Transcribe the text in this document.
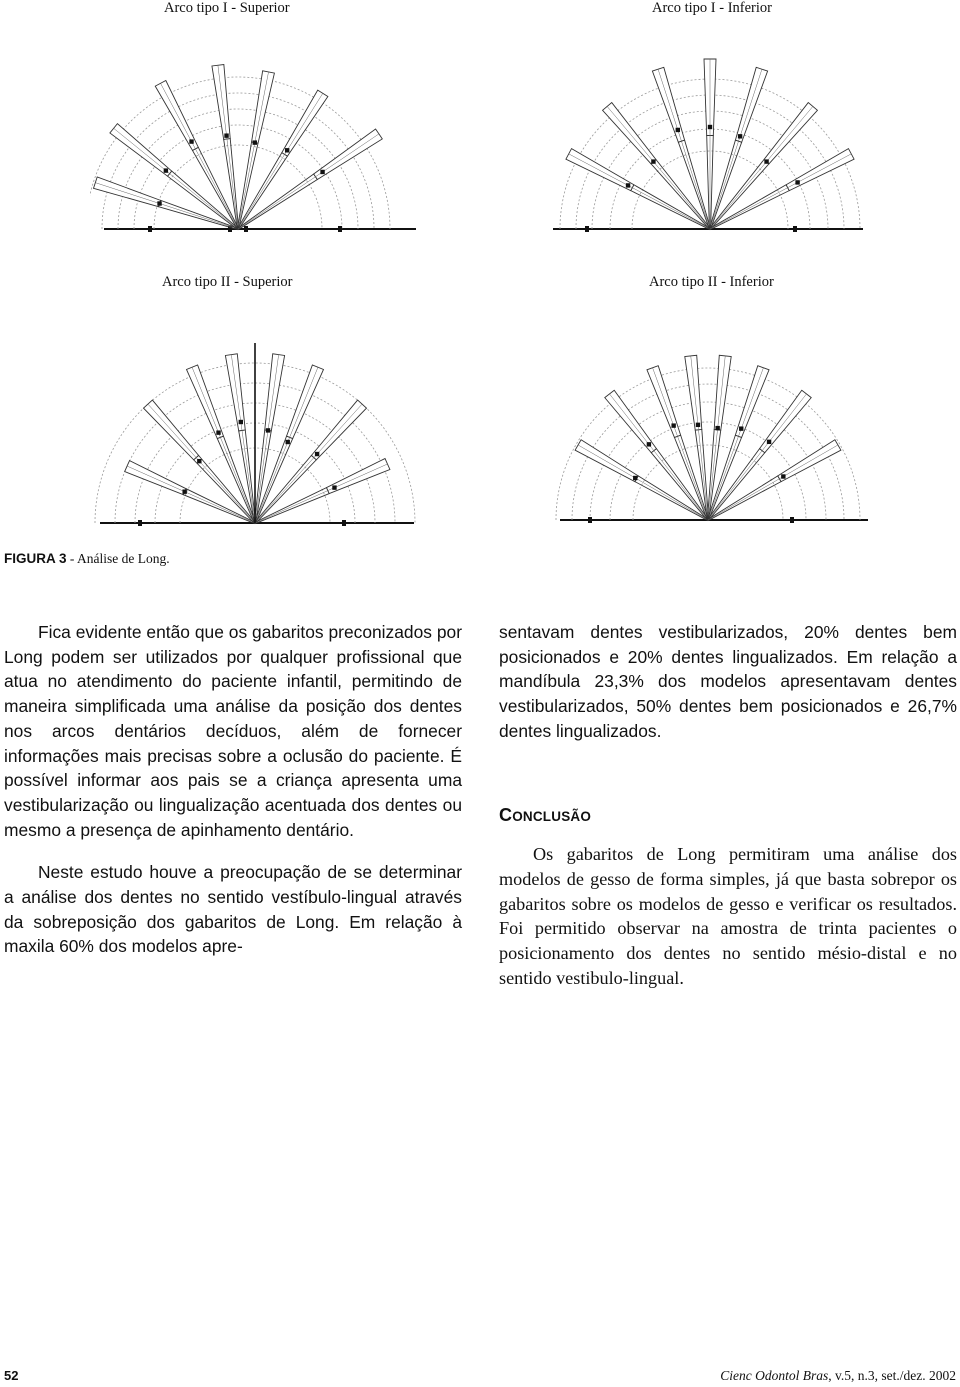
Arco tipo I - Superior	Arco tipo I - Inferior
Arco tipo II - Superior	Arco tipo II - Inferior
FIGURA 3 - Análise de Long.

Fica evidente então que os gabaritos preconizados por Long podem ser utilizados por qualquer profissional que atua no atendimento do paciente infantil, permitindo de maneira simplificada uma análise da posição dos dentes nos arcos dentários decíduos, além de fornecer informações mais precisas sobre a oclusão do paciente. É possível informar aos pais se a criança apresenta uma vestibularização ou lingualização acentuada dos dentes ou mesmo a presença de apinhamento dentário.

Neste estudo houve a preocupação de se determinar a análise dos dentes no sentido vestíbulo-lingual através da sobreposição dos gabaritos de Long. Em relação à maxila 60% dos modelos apre-

sentavam dentes vestibularizados, 20% dentes bem posicionados e 20% dentes lingualizados. Em relação a mandíbula 23,3% dos modelos apresentavam dentes vestibularizados, 50% dentes bem posicionados e 26,7% dentes lingualizados.

CONCLUSÃO

Os gabaritos de Long permitiram uma análise dos modelos de gesso de forma simples, já que basta sobrepor os gabaritos sobre os modelos de gesso e verificar os resultados. Foi permitido observar na amostra de trinta pacientes o posicionamento dos dentes no sentido mésio-distal e no sentido vestibulo-lingual.

52	Cienc Odontol Bras, v.5, n.3, set./dez. 2002
